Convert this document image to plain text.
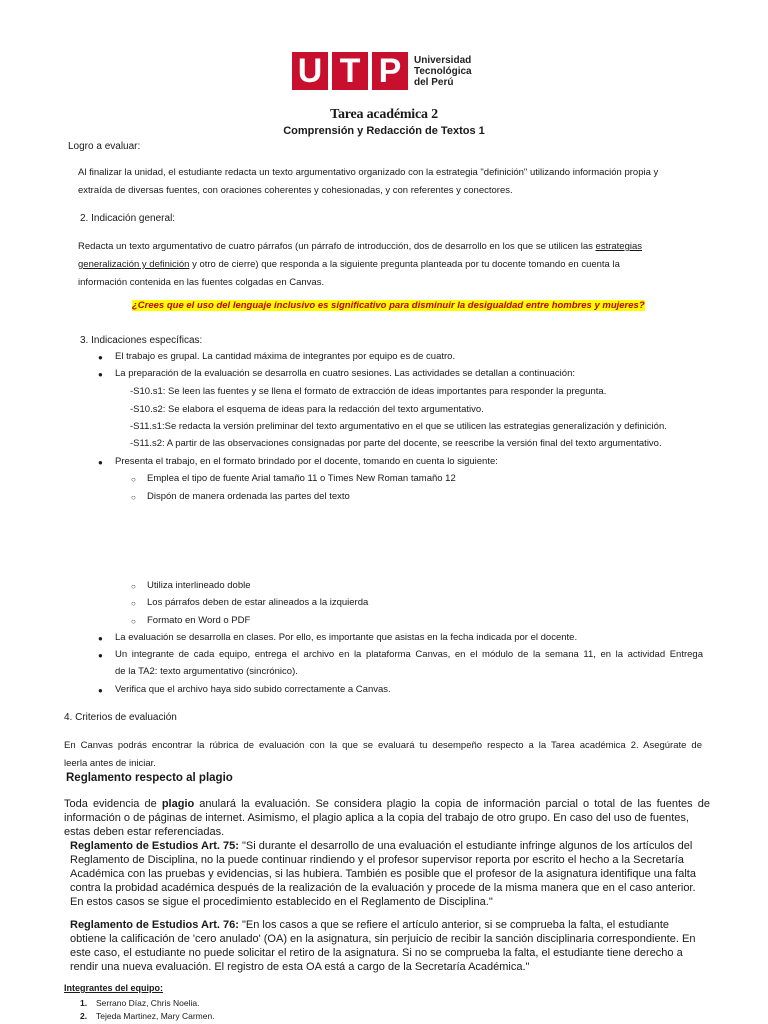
U T P	Universidad
Tecnológica
del Perú
Tarea académica 2
Comprensión y Redacción de Textos 1
Logro a evaluar:
Al finalizar la unidad, el estudiante redacta un texto argumentativo organizado con la estrategia "definición" utilizando información propia y
extraída de diversas fuentes, con oraciones coherentes y cohesionadas, y con referentes y conectores.
2. Indicación general:
Redacta un texto argumentativo de cuatro párrafos (un párrafo de introducción, dos de desarrollo en los que se utilicen las estrategias
generalización y definición y otro de cierre) que responda a la siguiente pregunta planteada por tu docente tomando en cuenta la
información contenida en las fuentes colgadas en Canvas.
¿Crees que el uso del lenguaje inclusivo es significativo para disminuir la desigualdad entre hombres y mujeres?
3. Indicaciones específicas:
● El trabajo es grupal. La cantidad máxima de integrantes por equipo es de cuatro.
● La preparación de la evaluación se desarrolla en cuatro sesiones. Las actividades se detallan a continuación:
-S10.s1: Se leen las fuentes y se llena el formato de extracción de ideas importantes para responder la pregunta.
-S10.s2: Se elabora el esquema de ideas para la redacción del texto argumentativo.
-S11.s1:Se redacta la versión preliminar del texto argumentativo en el que se utilicen las estrategias generalización y definición.
-S11.s2: A partir de las observaciones consignadas por parte del docente, se reescribe la versión final del texto argumentativo.
● Presenta el trabajo, en el formato brindado por el docente, tomando en cuenta lo siguiente:
○ Emplea el tipo de fuente Arial tamaño 11 o Times New Roman tamaño 12
○ Dispón de manera ordenada las partes del texto
○ Utiliza interlineado doble
○ Los párrafos deben de estar alineados a la izquierda
○ Formato en Word o PDF
● La evaluación se desarrolla en clases. Por ello, es importante que asistas en la fecha indicada por el docente.
● Un integrante de cada equipo, entrega el archivo en la plataforma Canvas, en el módulo de la semana 11, en la actividad Entrega
de la TA2: texto argumentativo (sincrónico).
● Verifica que el archivo haya sido subido correctamente a Canvas.
4. Criterios de evaluación
En Canvas podrás encontrar la rúbrica de evaluación con la que se evaluará tu desempeño respecto a la Tarea académica 2. Asegúrate de
leerla antes de iniciar.
Reglamento respecto al plagio
Toda evidencia de plagio anulará la evaluación. Se considera plagio la copia de información parcial o total de las fuentes de
información o de páginas de internet. Asimismo, el plagio aplica a la copia del trabajo de otro grupo. En caso del uso de fuentes,
estas deben estar referenciadas.
Reglamento de Estudios Art. 75: "Si durante el desarrollo de una evaluación el estudiante infringe algunos de los artículos del
Reglamento de Disciplina, no la puede continuar rindiendo y el profesor supervisor reporta por escrito el hecho a la Secretaría
Académica con las pruebas y evidencias, si las hubiera. También es posible que el profesor de la asignatura identifique una falta
contra la probidad académica después de la realización de la evaluación y procede de la misma manera que en el caso anterior.
En estos casos se sigue el procedimiento establecido en el Reglamento de Disciplina."
Reglamento de Estudios Art. 76: "En los casos a que se refiere el artículo anterior, si se comprueba la falta, el estudiante
obtiene la calificación de 'cero anulado' (OA) en la asignatura, sin perjuicio de recibir la sanción disciplinaria correspondiente. En
este caso, el estudiante no puede solicitar el retiro de la asignatura. Si no se comprueba la falta, el estudiante tiene derecho a
rendir una nueva evaluación. El registro de esta OA está a cargo de la Secretaría Académica."
Integrantes del equipo:
1. Serrano Díaz, Chris Noelia.
2. Tejeda Martinez, Mary Carmen.
